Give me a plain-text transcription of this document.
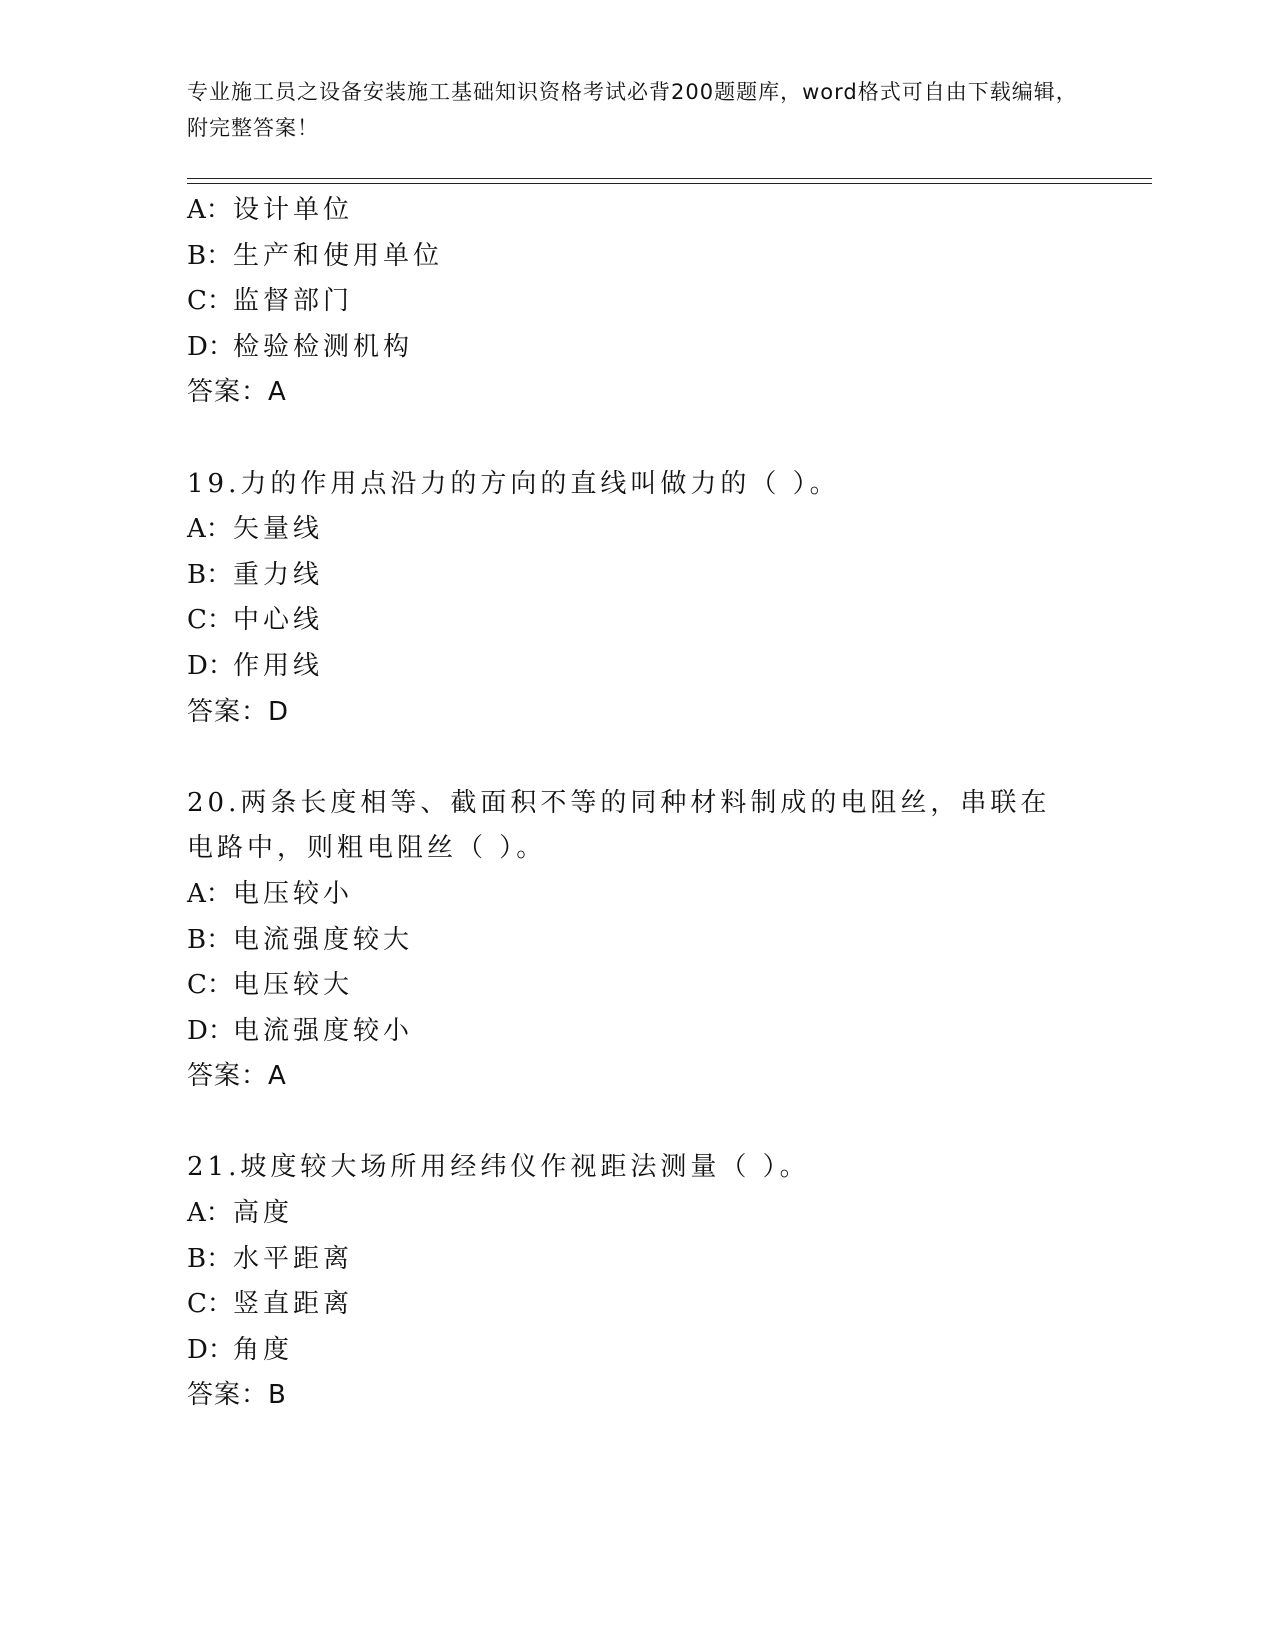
专业施工员之设备安装施工基础知识资格考试必背200题题库，word格式可自由下载编辑，附完整答案！
A：设计单位
B：生产和使用单位
C：监督部门
D：检验检测机构
答案：A
19.力的作用点沿力的方向的直线叫做力的（ ）。
A：矢量线
B：重力线
C：中心线
D：作用线
答案：D
20.两条长度相等、截面积不等的同种材料制成的电阻丝，串联在电路中，则粗电阻丝（ ）。
A：电压较小
B：电流强度较大
C：电压较大
D：电流强度较小
答案：A
21.坡度较大场所用经纬仪作视距法测量（ ）。
A：高度
B：水平距离
C：竖直距离
D：角度
答案：B
